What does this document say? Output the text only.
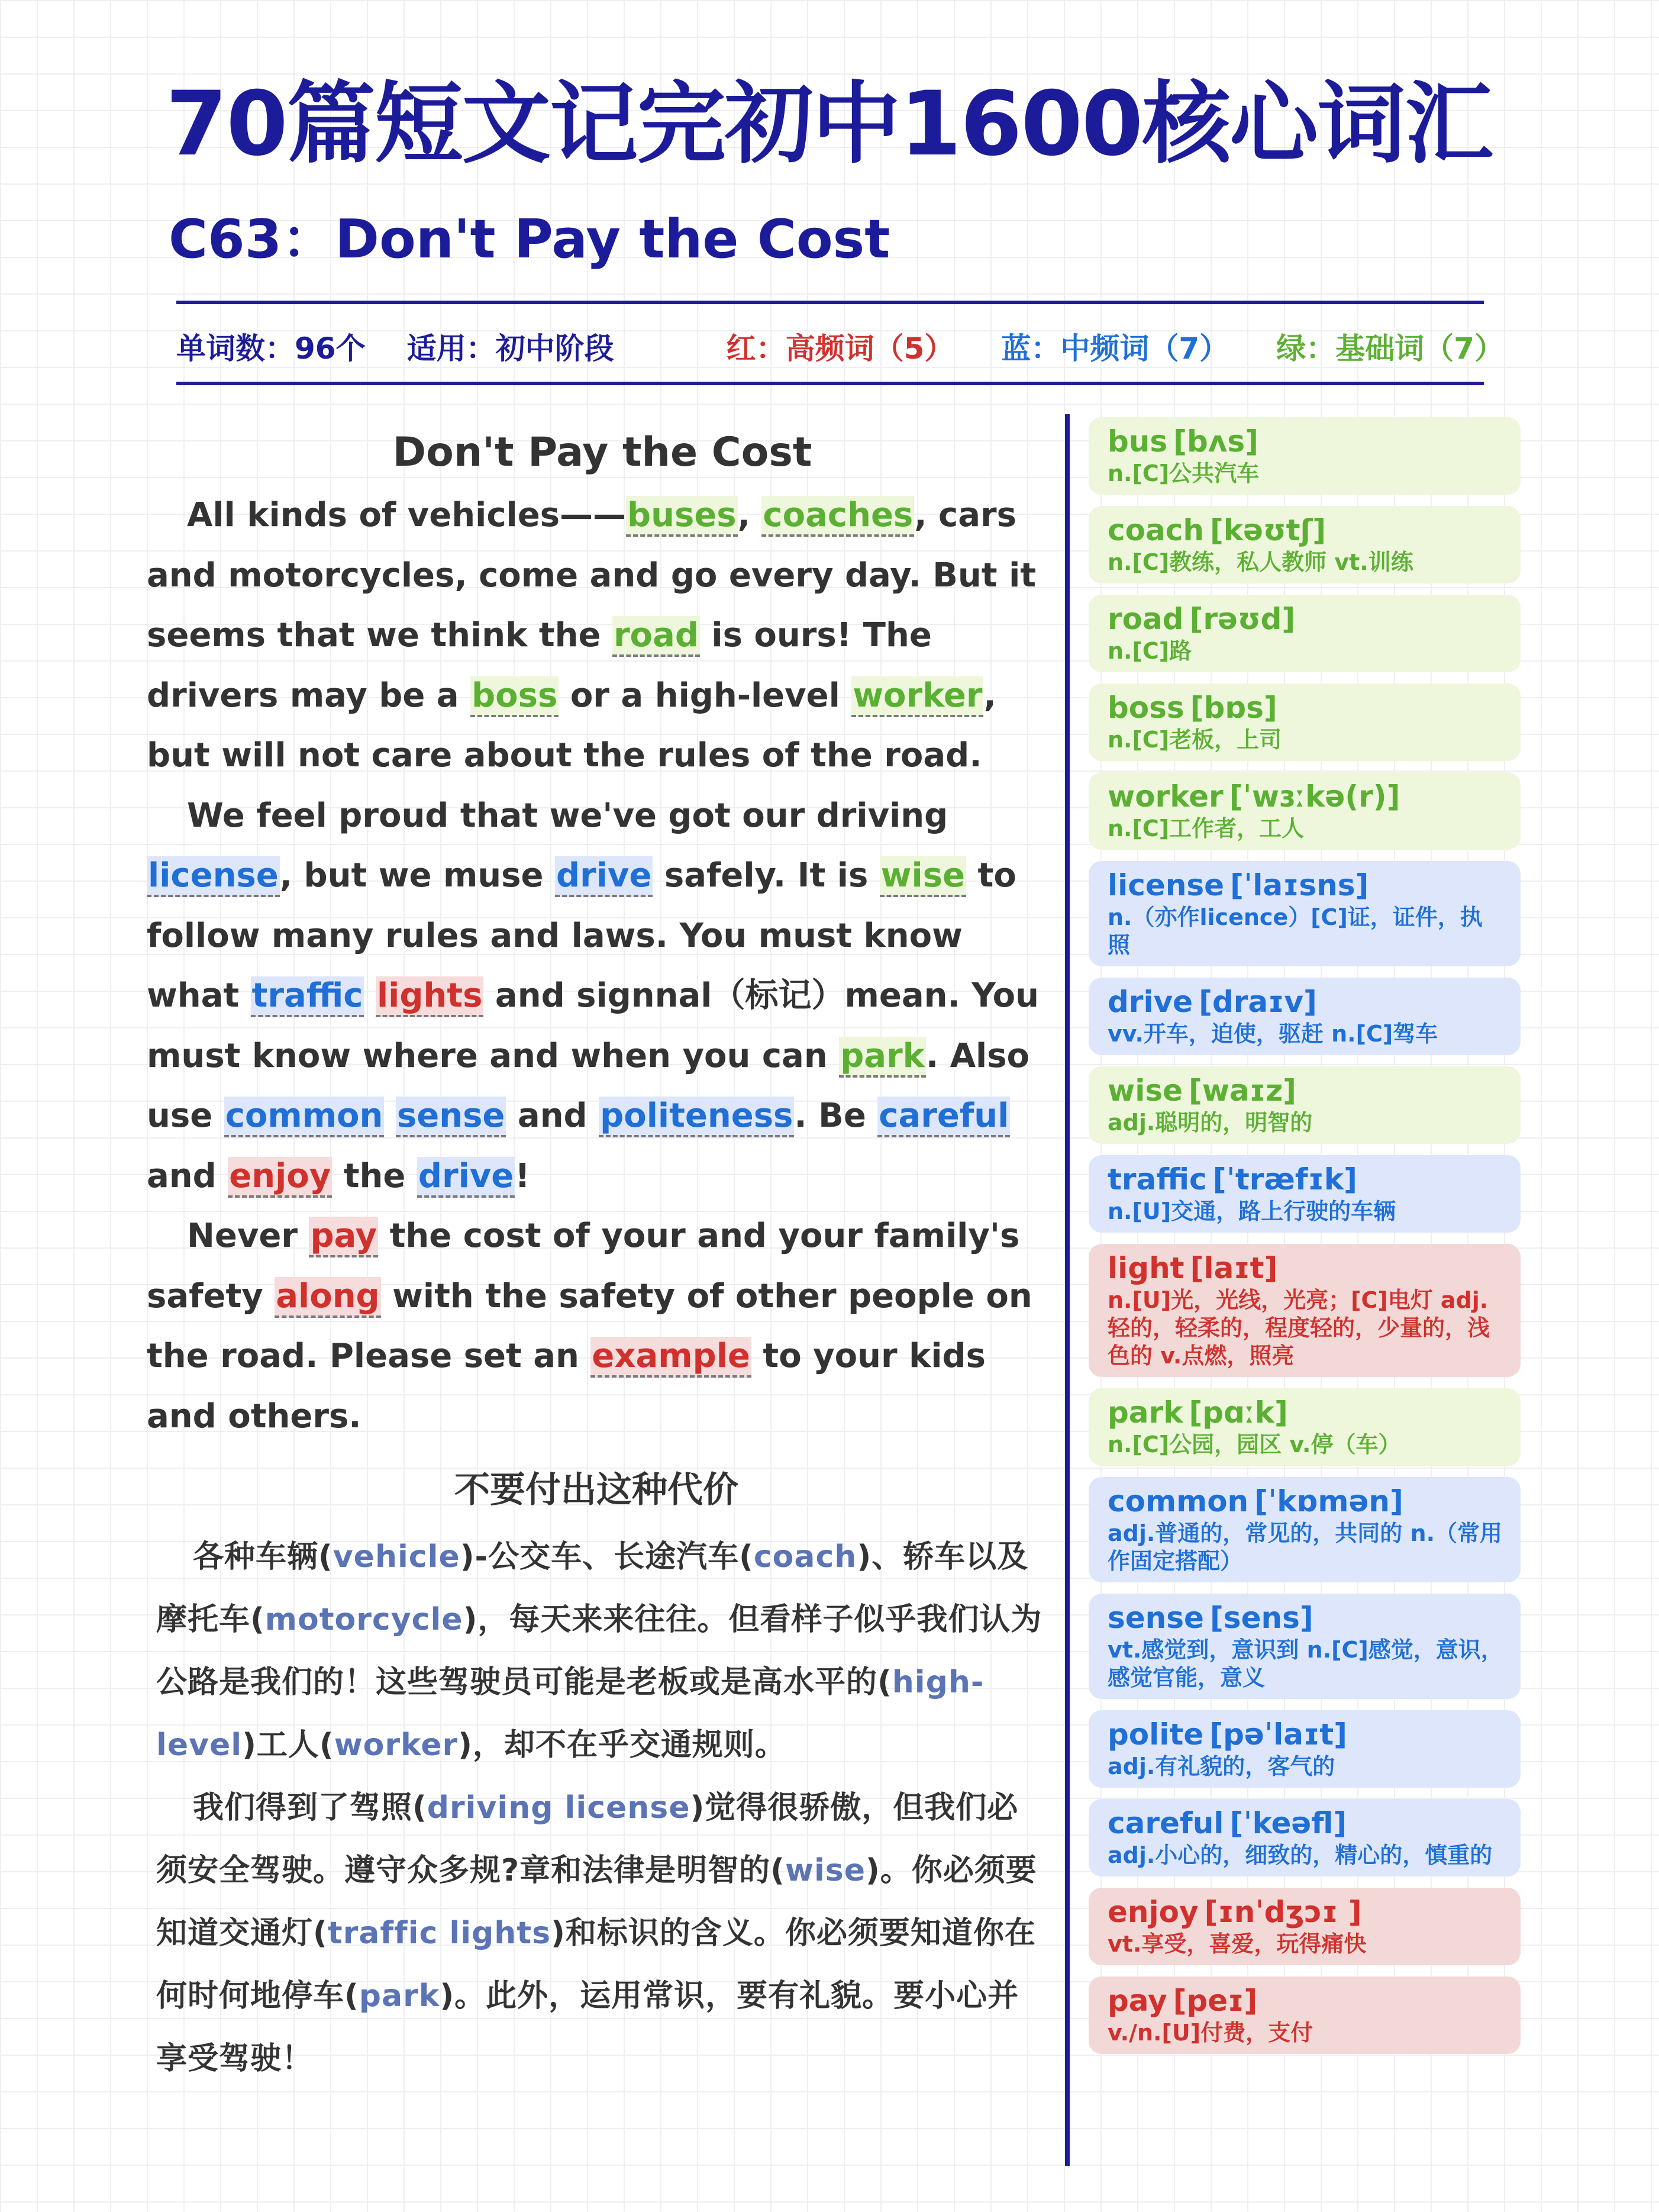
70篇短文记完初中1600核心词汇
C63：Don't Pay the Cost
单词数：96个 适用：初中阶段	红：高频词（5） 蓝：中频词（7） 绿：基础词（7）
Don't Pay the Cost

All kinds of vehicles——buses, coaches, cars and motorcycles, come and go every day. But it seems that we think the road is ours! The drivers may be a boss or a high-level worker, but will not care about the rules of the road.

We feel proud that we've got our driving license, but we muse drive safely. It is wise to follow many rules and laws. You must know what traffic lights and signnal（标记）mean. You must know where and when you can park. Also use common sense and politeness. Be careful and enjoy the drive!

Never pay the cost of your and your family's safety along with the safety of other people on the road. Please set an example to your kids and others.

不要付出这种代价

各种车辆(vehicle)-公交车、长途汽车(coach)、轿车以及摩托车(motorcycle)，每天来来往往。但看样子似乎我们认为公路是我们的！这些驾驶员可能是老板或是高水平的(high-level)工人(worker)，却不在乎交通规则。

我们得到了驾照(driving license)觉得很骄傲，但我们必须安全驾驶。遵守众多规?章和法律是明智的(wise)。你必须要知道交通灯(traffic lights)和标识的含义。你必须要知道你在何时何地停车(park)。此外，运用常识，要有礼貌。要小心并享受驾驶！

bus [bʌs]
n.[C]公共汽车
coach [kəʊtʃ]
n.[C]教练，私人教师 vt.训练
road [rəʊd]
n.[C]路
boss [bɒs]
n.[C]老板，上司
worker [ˈwɜːkə(r)]
n.[C]工作者，工人
license [ˈlaɪsns]
n.（亦作licence）[C]证，证件，执照
drive [draɪv]
vv.开车，迫使，驱赶 n.[C]驾车
wise [waɪz]
adj.聪明的，明智的
traffic [ˈtræfɪk]
n.[U]交通，路上行驶的车辆
light [laɪt]
n.[U]光，光线，光亮；[C]电灯 adj.轻的，轻柔的，程度轻的，少量的，浅色的 v.点燃，照亮
park [pɑːk]
n.[C]公园，园区 v.停（车）
common [ˈkɒmən]
adj.普通的，常见的，共同的 n.（常用作固定搭配）
sense [sens]
vt.感觉到，意识到 n.[C]感觉，意识，感觉官能，意义
polite [pəˈlaɪt]
adj.有礼貌的，客气的
careful [ˈkeəfl]
adj.小心的，细致的，精心的，慎重的
enjoy [ɪnˈdʒɔɪ ]
vt.享受，喜爱，玩得痛快
pay [peɪ]
v./n.[U]付费，支付
